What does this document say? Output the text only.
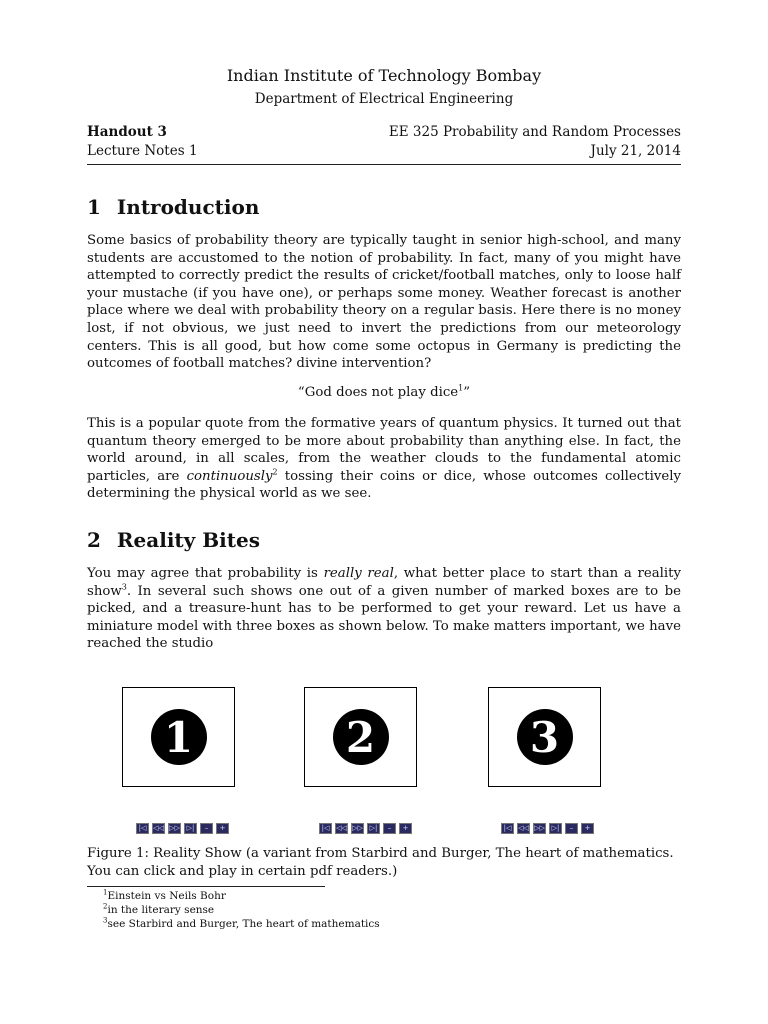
Indian Institute of Technology Bombay
Department of Electrical Engineering
Handout 3	EE 325 Probability and Random Processes
Lecture Notes 1	July 21, 2014
1 Introduction

Some basics of probability theory are typically taught in senior high-school, and many students are accustomed to the notion of probability. In fact, many of you might have attempted to correctly predict the results of cricket/football matches, only to loose half your mustache (if you have one), or perhaps some money. Weather forecast is another place where we deal with probability theory on a regular basis. Here there is no money lost, if not obvious, we just need to invert the predictions from our meteorology centers. This is all good, but how come some octopus in Germany is predicting the outcomes of football matches? divine intervention?

“God does not play dice$^1$”

This is a popular quote from the formative years of quantum physics. It turned out that quantum theory emerged to be more about probability than anything else. In fact, the world around, in all scales, from the weather clouds to the fundamental atomic particles, are continuously$^2$ tossing their coins or dice, whose outcomes collectively determining the physical world as we see.

2 Reality Bites

You may agree that probability is really real, what better place to start than a reality show$^3$. In several such shows one out of a given number of marked boxes are to be picked, and a treasure-hunt has to be performed to get your reward. Let us have a miniature model with three boxes as shown below. To make matters important, we have reached the studio

1	2	3
|◁ ◁◁ ▷▷ ▷|	–	+	|◁ ◁◁ ▷▷ ▷|	–	+	|◁ ◁◁ ▷▷ ▷|	–	+

Figure 1: Reality Show (a variant from Starbird and Burger, The heart of mathematics. You can click and play in certain pdf readers.)

$^1$Einstein vs Neils Bohr
$^2$in the literary sense
$^3$see Starbird and Burger, The heart of mathematics
